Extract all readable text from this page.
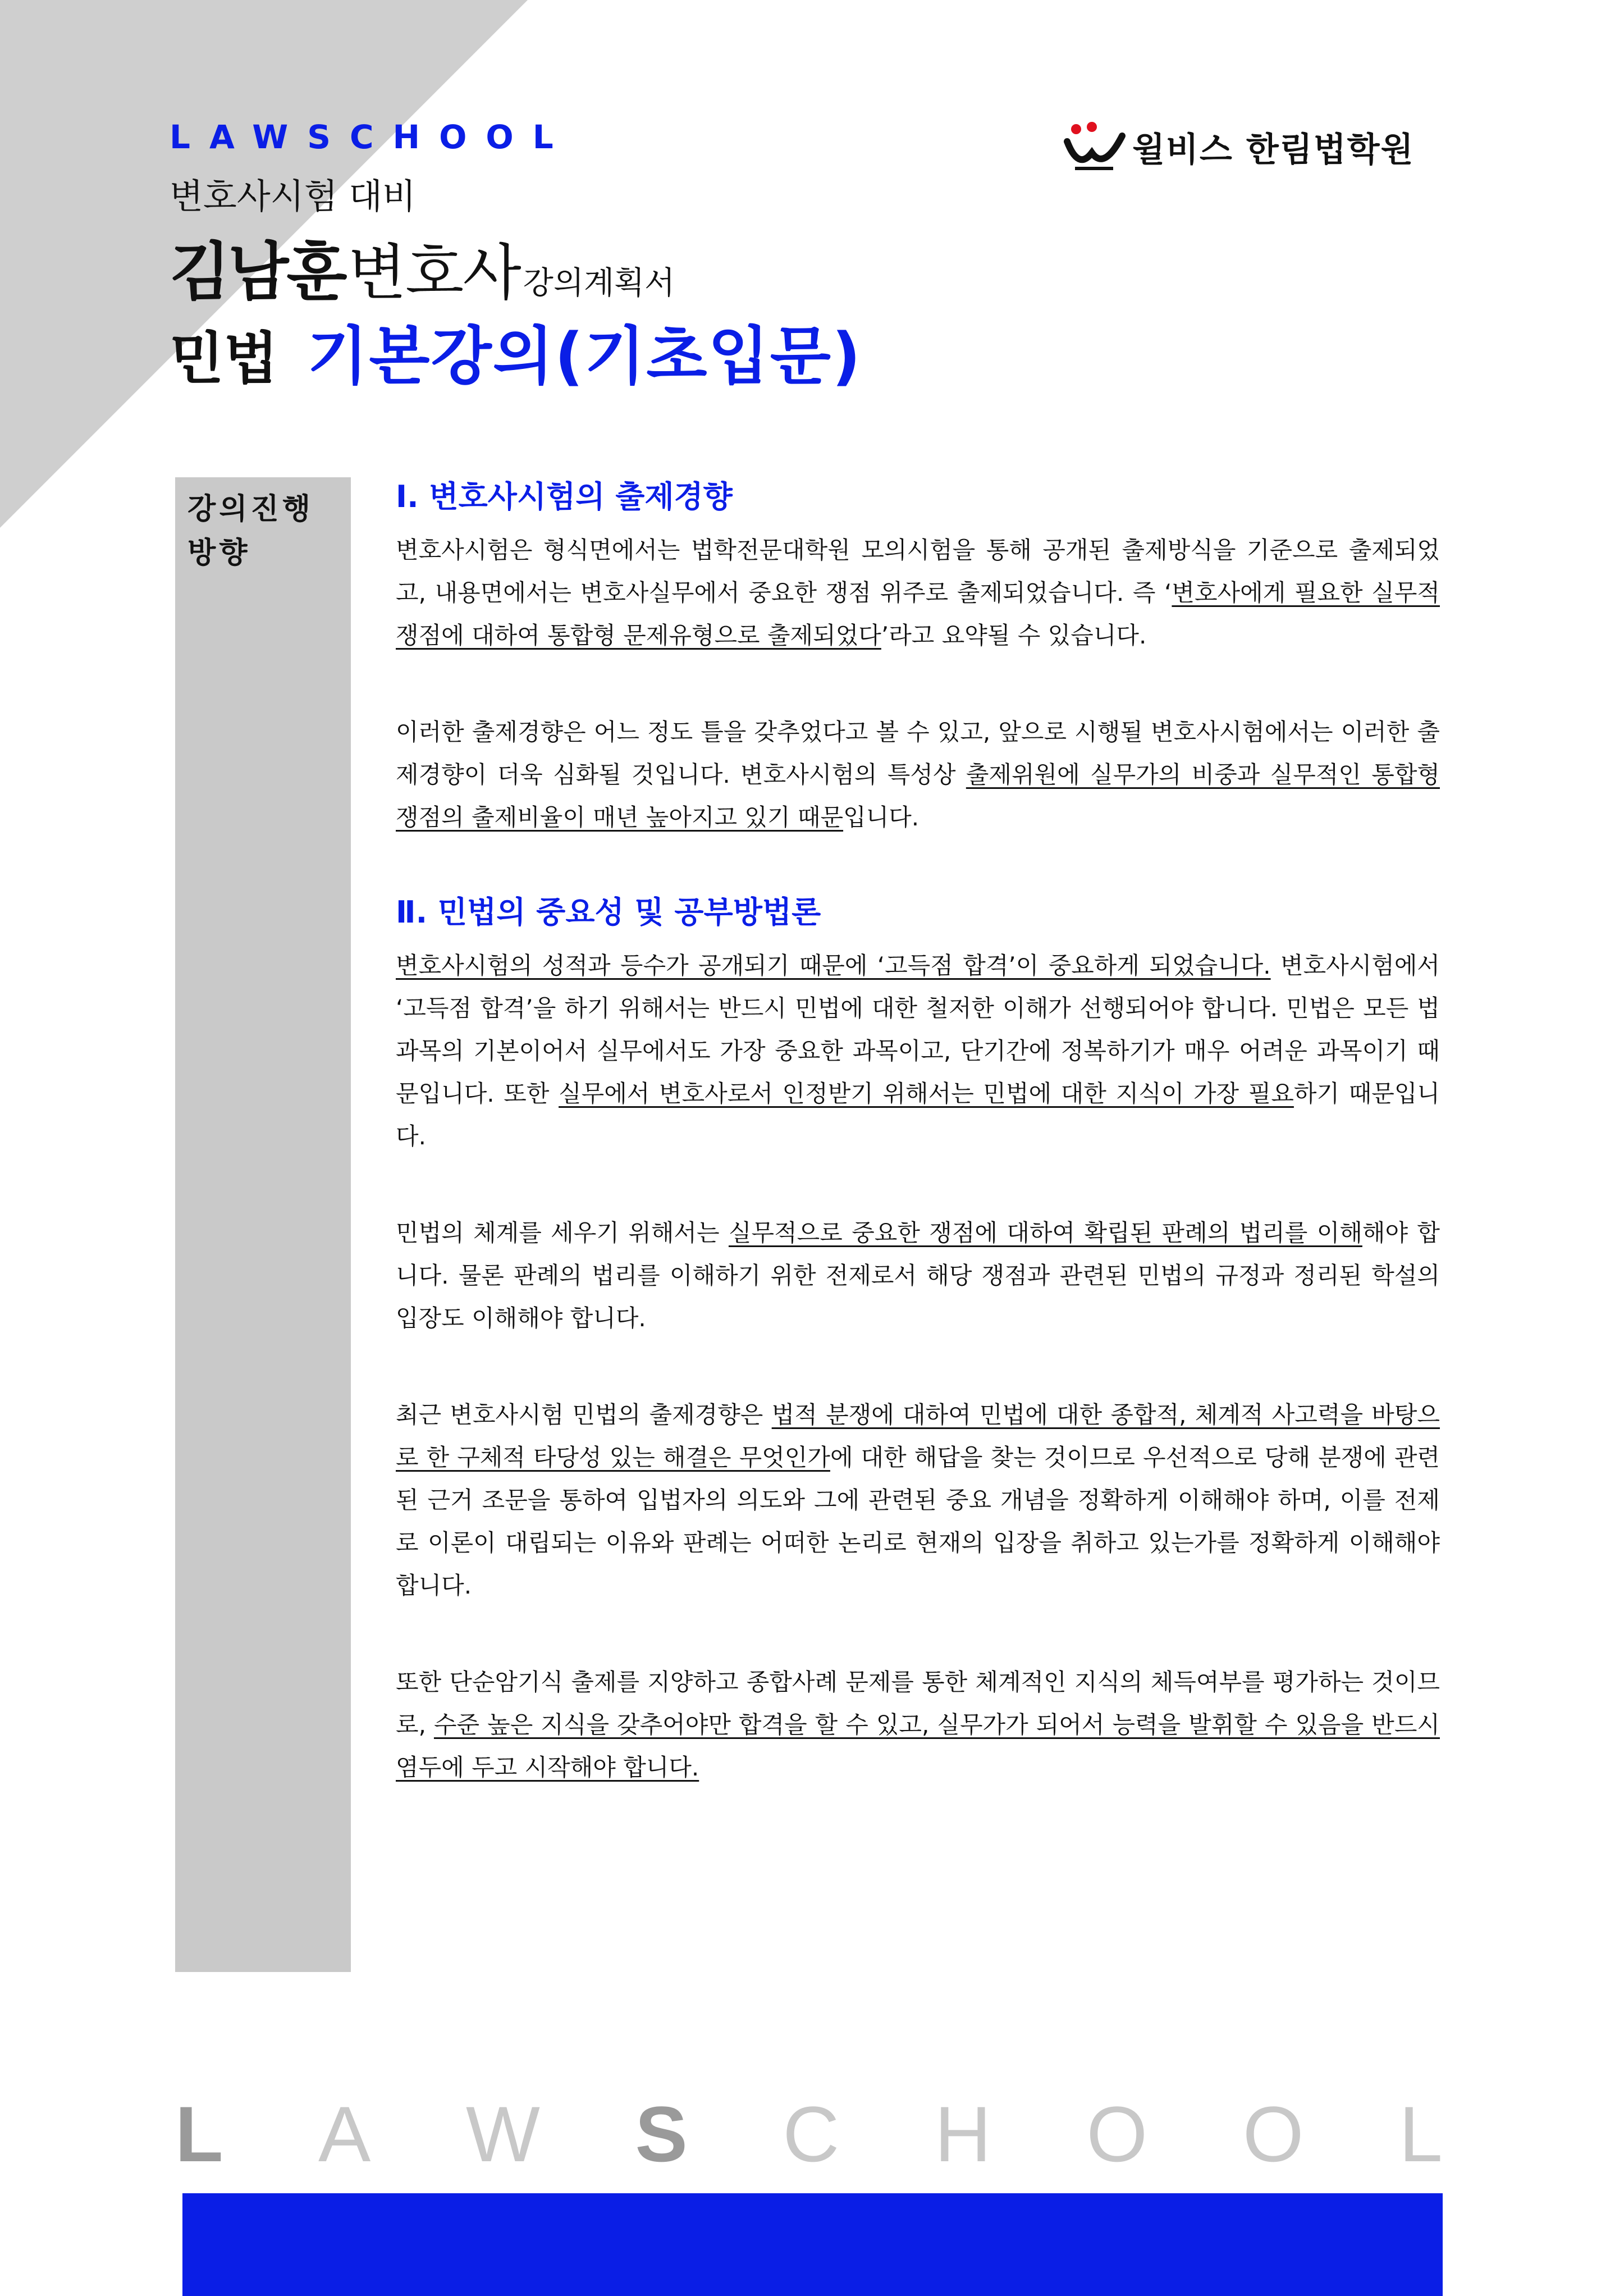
LAWSCHOOL	윌비스 한림법학원
변호사시험 대비
김남훈 변호사 강의계획서
민법 기본강의(기초입문)
강의진행
방향
Ⅰ. 변호사시험의 출제경향

변호사시험은 형식면에서는 법학전문대학원 모의시험을 통해 공개된 출제방식을 기준으로 출제되었고, 내용면에서는 변호사실무에서 중요한 쟁점 위주로 출제되었습니다. 즉 ‘변호사에게 필요한 실무적 쟁점에 대하여 통합형 문제유형으로 출제되었다’라고 요약될 수 있습니다.

이러한 출제경향은 어느 정도 틀을 갖추었다고 볼 수 있고, 앞으로 시행될 변호사시험에서는 이러한 출제경향이 더욱 심화될 것입니다. 변호사시험의 특성상 출제위원에 실무가의 비중과 실무적인 통합형 쟁점의 출제비율이 매년 높아지고 있기 때문입니다.

Ⅱ. 민법의 중요성 및 공부방법론

변호사시험의 성적과 등수가 공개되기 때문에 ‘고득점 합격’이 중요하게 되었습니다. 변호사시험에서 ‘고득점 합격’을 하기 위해서는 반드시 민법에 대한 철저한 이해가 선행되어야 합니다. 민법은 모든 법과목의 기본이어서 실무에서도 가장 중요한 과목이고, 단기간에 정복하기가 매우 어려운 과목이기 때문입니다. 또한 실무에서 변호사로서 인정받기 위해서는 민법에 대한 지식이 가장 필요하기 때문입니다.

민법의 체계를 세우기 위해서는 실무적으로 중요한 쟁점에 대하여 확립된 판례의 법리를 이해해야 합니다. 물론 판례의 법리를 이해하기 위한 전제로서 해당 쟁점과 관련된 민법의 규정과 정리된 학설의 입장도 이해해야 합니다.

최근 변호사시험 민법의 출제경향은 법적 분쟁에 대하여 민법에 대한 종합적, 체계적 사고력을 바탕으로 한 구체적 타당성 있는 해결은 무엇인가에 대한 해답을 찾는 것이므로 우선적으로 당해 분쟁에 관련된 근거 조문을 통하여 입법자의 의도와 그에 관련된 중요 개념을 정확하게 이해해야 하며, 이를 전제로 이론이 대립되는 이유와 판례는 어떠한 논리로 현재의 입장을 취하고 있는가를 정확하게 이해해야 합니다.

또한 단순암기식 출제를 지양하고 종합사례 문제를 통한 체계적인 지식의 체득여부를 평가하는 것이므로, 수준 높은 지식을 갖추어야만 합격을 할 수 있고, 실무가가 되어서 능력을 발휘할 수 있음을 반드시 염두에 두고 시작해야 합니다.

L A W S C H O O L
